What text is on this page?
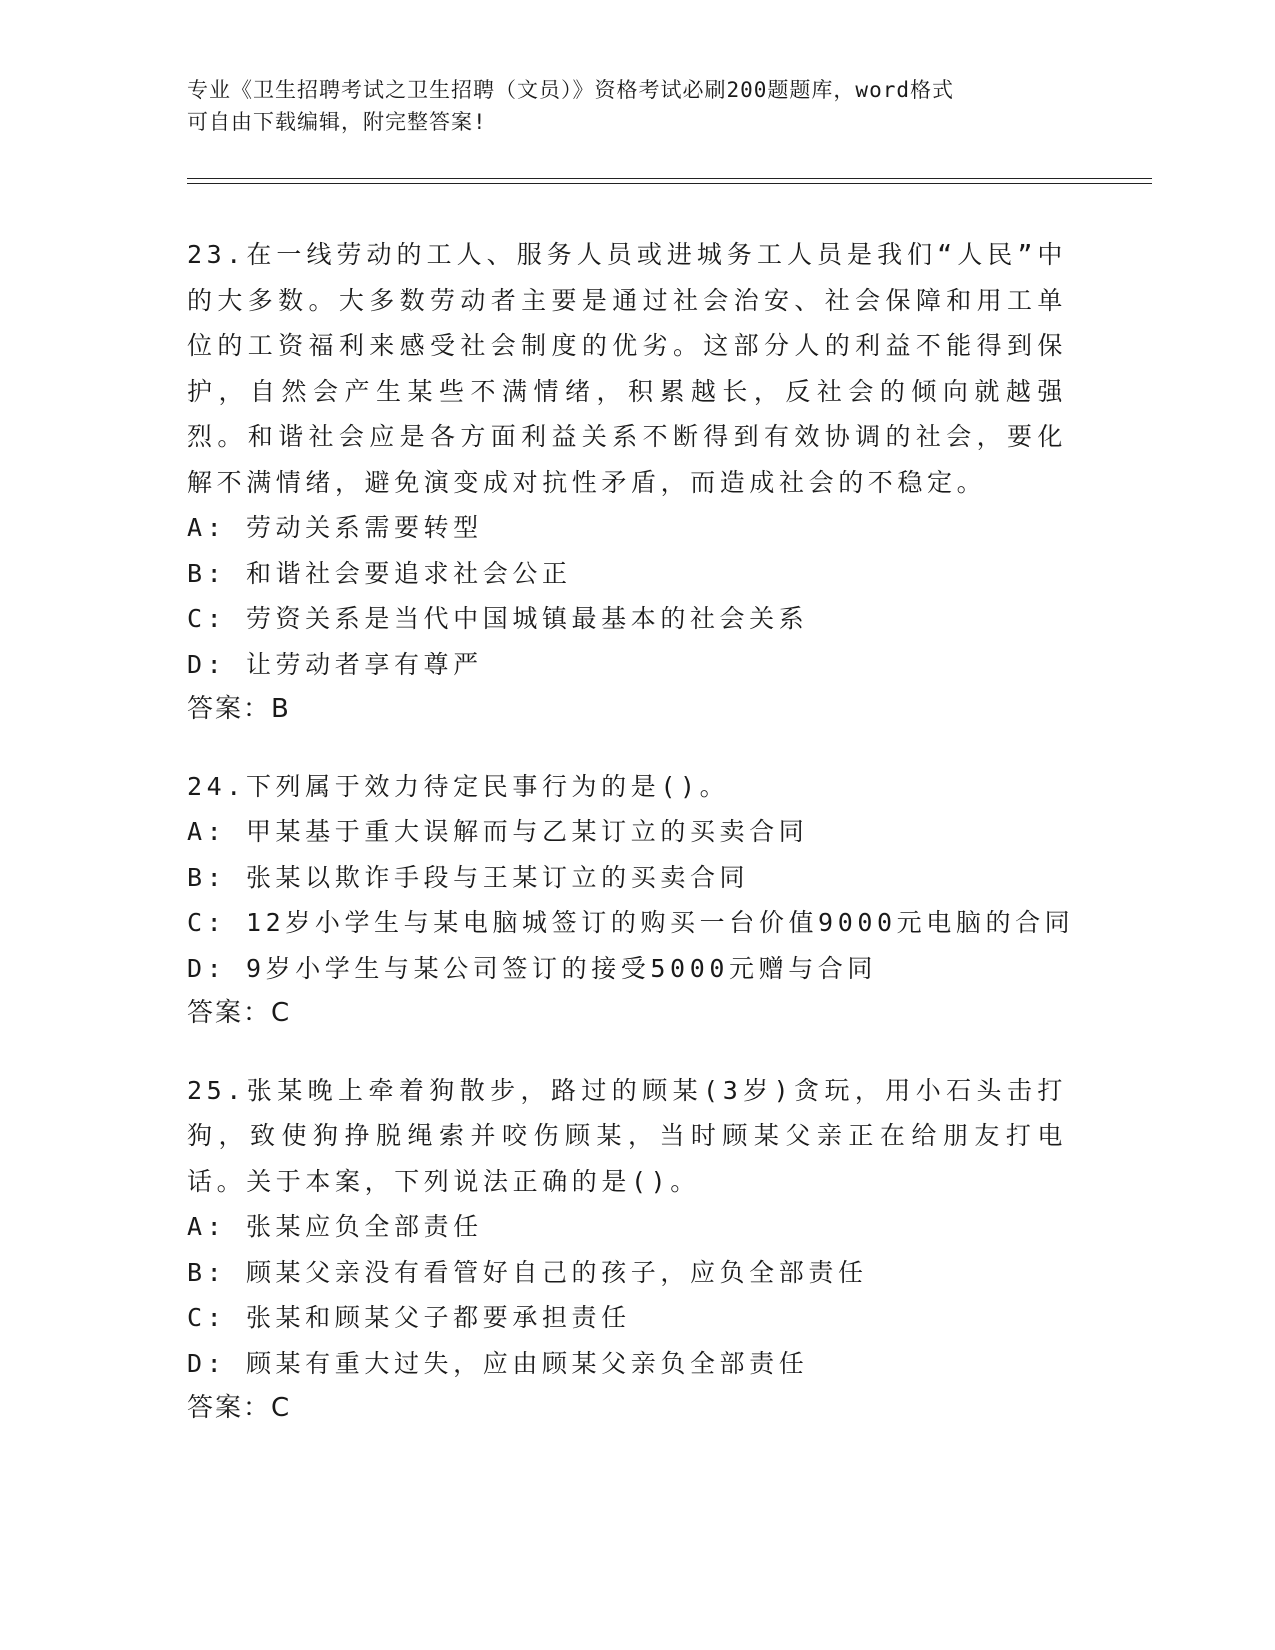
专业《卫生招聘考试之卫生招聘（文员）》资格考试必刷200题题库，word格式
可自由下载编辑，附完整答案!

23.在一线劳动的工人、服务人员或进城务工人员是我们“人民”中的大多数。大多数劳动者主要是通过社会治安、社会保障和用工单位的工资福利来感受社会制度的优劣。这部分人的利益不能得到保护，自然会产生某些不满情绪，积累越长，反社会的倾向就越强烈。和谐社会应是各方面利益关系不断得到有效协调的社会，要化解不满情绪，避免演变成对抗性矛盾，而造成社会的不稳定。

A: 劳动关系需要转型

B: 和谐社会要追求社会公正

C: 劳资关系是当代中国城镇最基本的社会关系

D: 让劳动者享有尊严

答案：B

24.下列属于效力待定民事行为的是()。

A: 甲某基于重大误解而与乙某订立的买卖合同

B: 张某以欺诈手段与王某订立的买卖合同

C: 12岁小学生与某电脑城签订的购买一台价值9000元电脑的合同

D: 9岁小学生与某公司签订的接受5000元赠与合同

答案：C

25.张某晚上牵着狗散步，路过的顾某(3岁)贪玩，用小石头击打狗，致使狗挣脱绳索并咬伤顾某，当时顾某父亲正在给朋友打电话。关于本案，下列说法正确的是()。

A: 张某应负全部责任

B: 顾某父亲没有看管好自己的孩子，应负全部责任

C: 张某和顾某父子都要承担责任

D: 顾某有重大过失，应由顾某父亲负全部责任

答案：C
